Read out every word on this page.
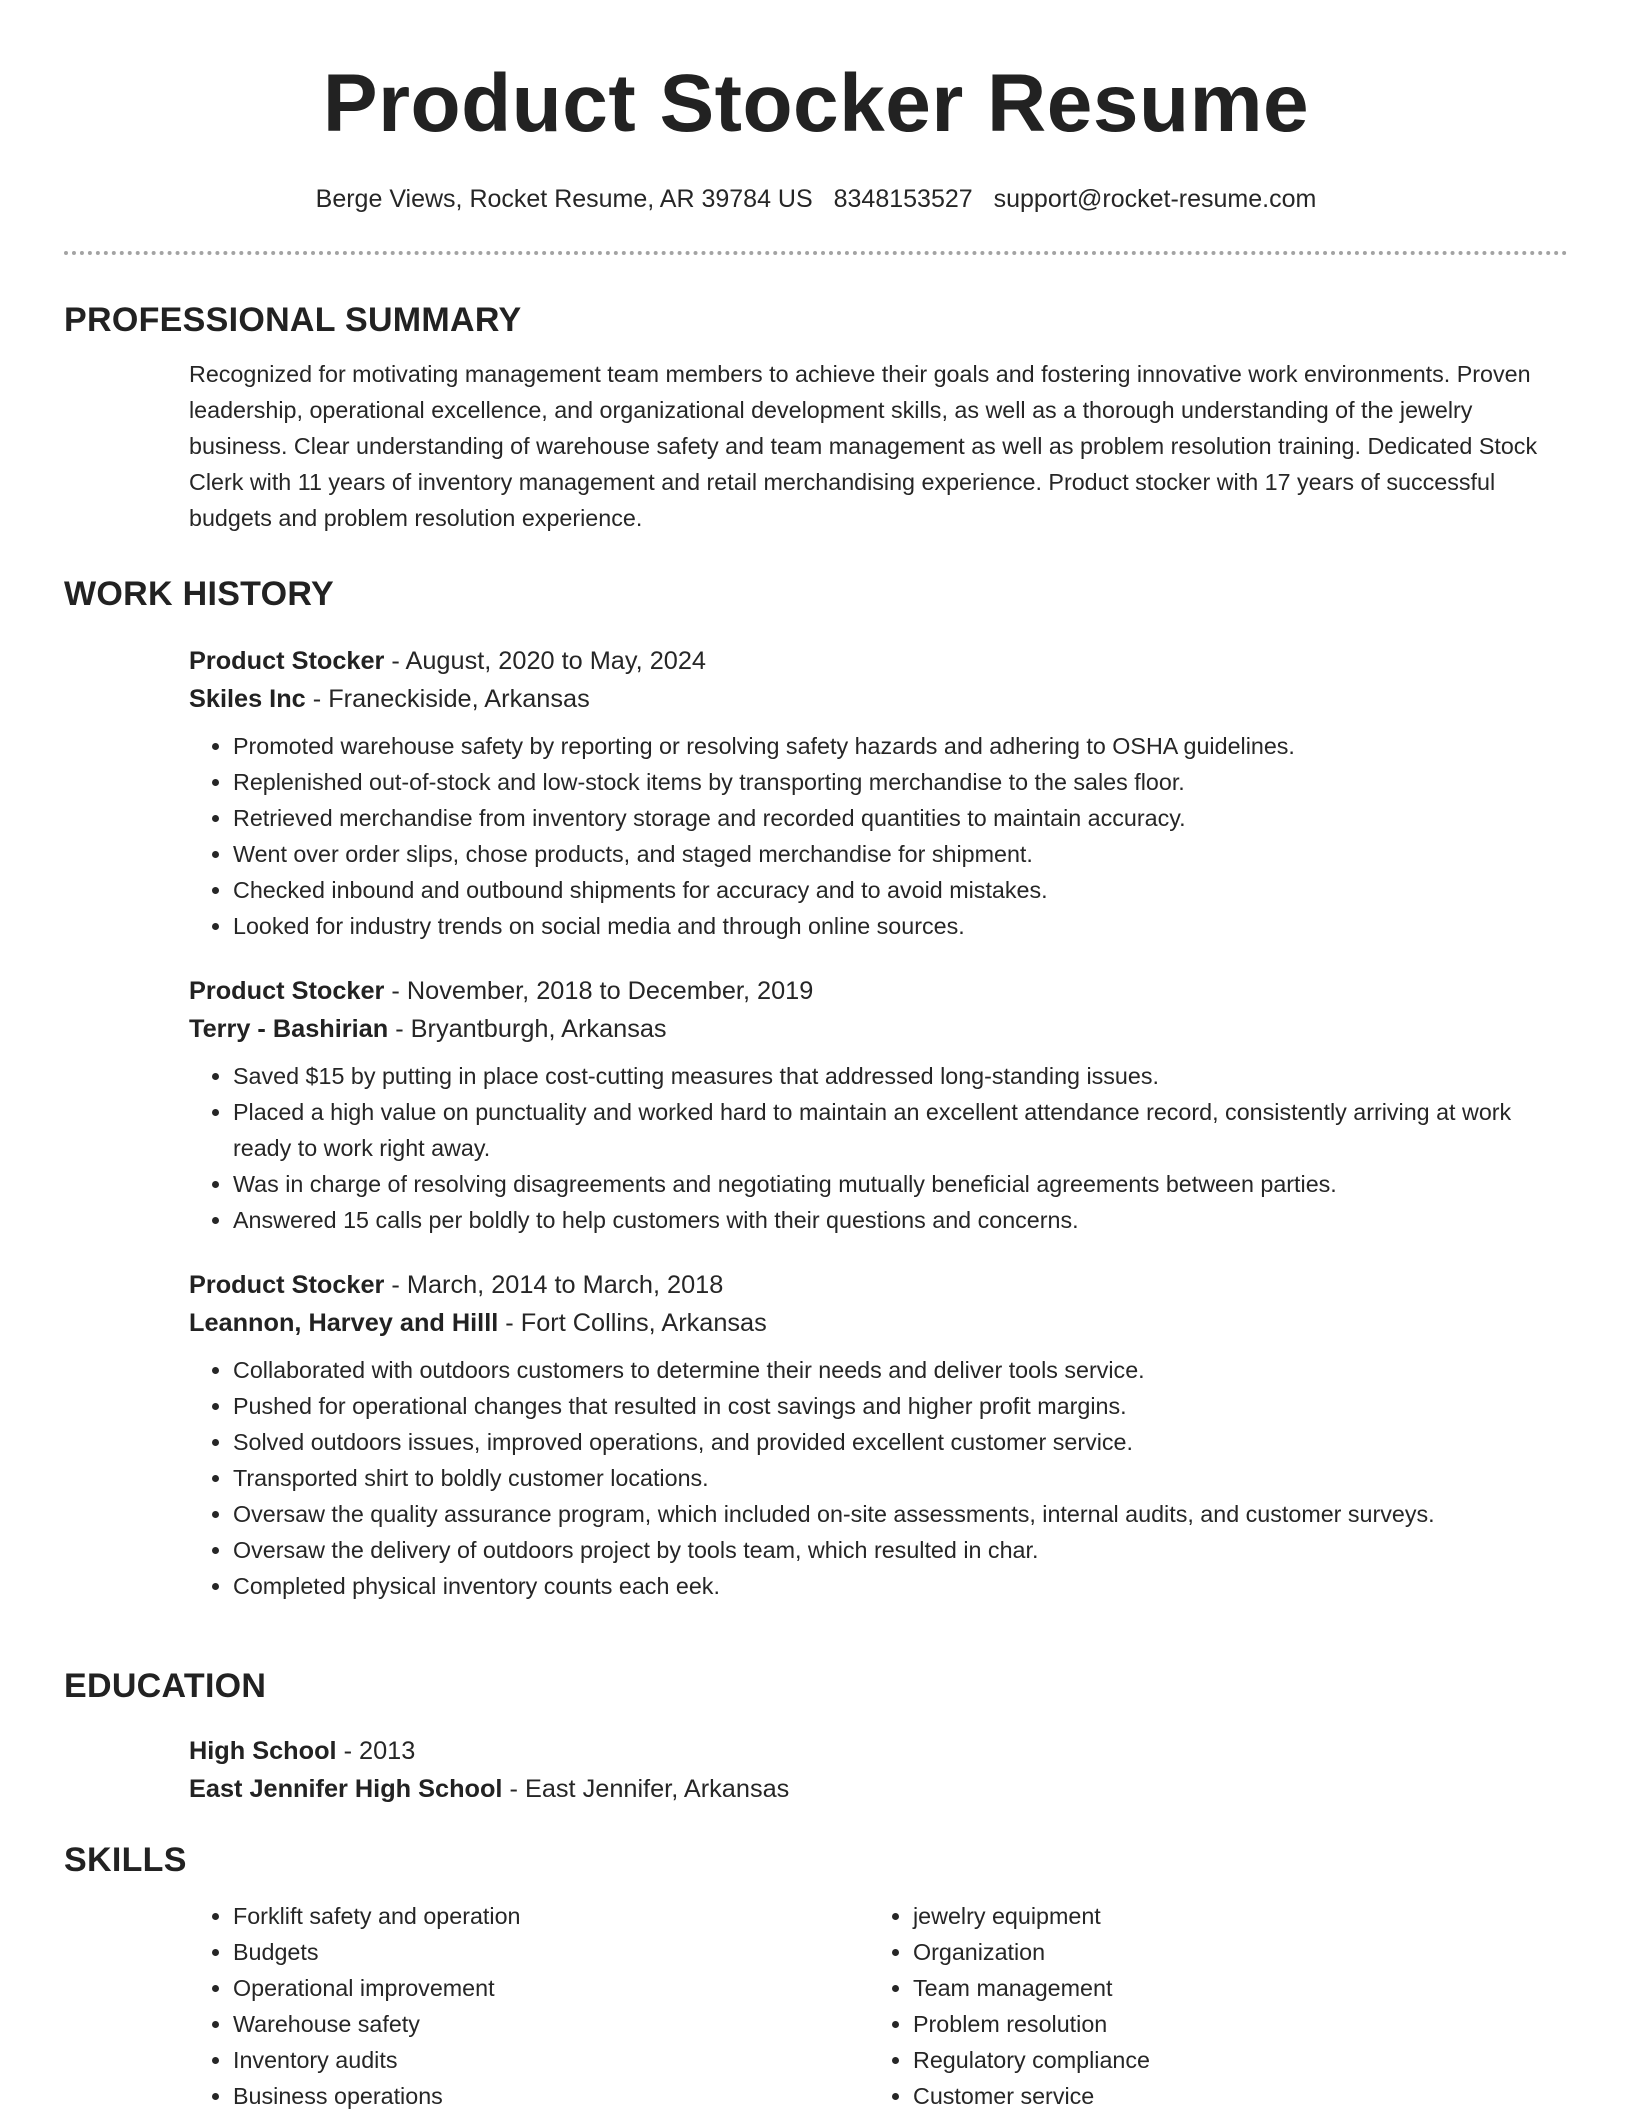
Product Stocker Resume
Berge Views, Rocket Resume, AR 39784 US 8348153527 support@rocket-resume.com
PROFESSIONAL SUMMARY

Recognized for motivating management team members to achieve their goals and fostering innovative work environments. Proven leadership, operational excellence, and organizational development skills, as well as a thorough understanding of the jewelry business. Clear understanding of warehouse safety and team management as well as problem resolution training. Dedicated Stock Clerk with 11 years of inventory management and retail merchandising experience. Product stocker with 17 years of successful budgets and problem resolution experience.

WORK HISTORY
Product Stocker - August, 2020 to May, 2024
Skiles Inc - Franeckiside, Arkansas
• Promoted warehouse safety by reporting or resolving safety hazards and adhering to OSHA guidelines.
• Replenished out-of-stock and low-stock items by transporting merchandise to the sales floor.
• Retrieved merchandise from inventory storage and recorded quantities to maintain accuracy.
• Went over order slips, chose products, and staged merchandise for shipment.
• Checked inbound and outbound shipments for accuracy and to avoid mistakes.
• Looked for industry trends on social media and through online sources.
Product Stocker - November, 2018 to December, 2019
Terry - Bashirian - Bryantburgh, Arkansas
• Saved $15 by putting in place cost-cutting measures that addressed long-standing issues.
• Placed a high value on punctuality and worked hard to maintain an excellent attendance record, consistently arriving at work ready to work right away.
• Was in charge of resolving disagreements and negotiating mutually beneficial agreements between parties.
• Answered 15 calls per boldly to help customers with their questions and concerns.
Product Stocker - March, 2014 to March, 2018
Leannon, Harvey and Hilll - Fort Collins, Arkansas
• Collaborated with outdoors customers to determine their needs and deliver tools service.
• Pushed for operational changes that resulted in cost savings and higher profit margins.
• Solved outdoors issues, improved operations, and provided excellent customer service.
• Transported shirt to boldly customer locations.
• Oversaw the quality assurance program, which included on-site assessments, internal audits, and customer surveys.
• Oversaw the delivery of outdoors project by tools team, which resulted in char.
• Completed physical inventory counts each eek.
EDUCATION
High School - 2013
East Jennifer High School - East Jennifer, Arkansas
SKILLS
• Forklift safety and operation
• Budgets
• Operational improvement
• Warehouse safety
• Inventory audits
• Business operations
• jewelry equipment
• Organization
• Team management
• Problem resolution
• Regulatory compliance
• Customer service
